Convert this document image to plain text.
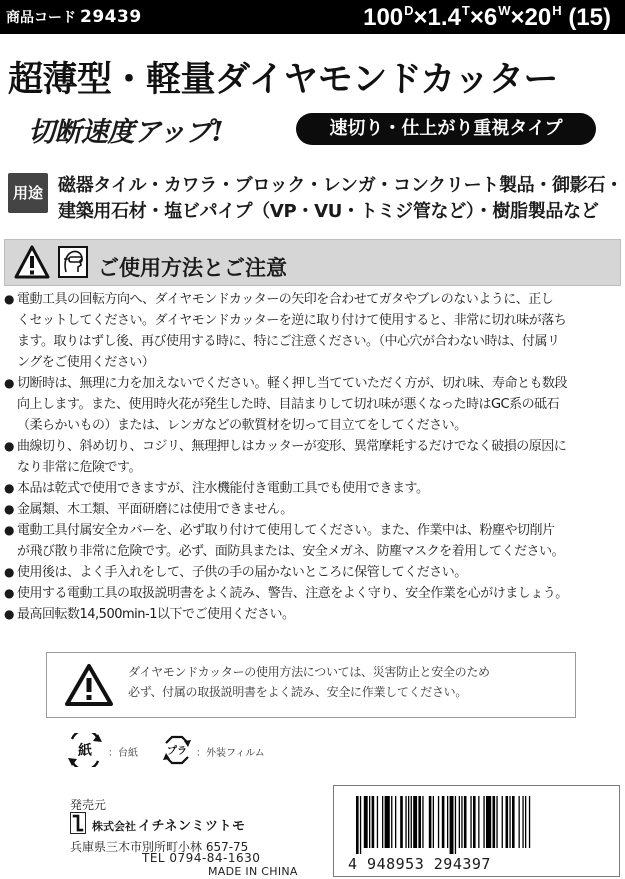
商品コード 29439	$100^D\times 1.4^T\times 6^W\times 20^H$ (15)
超薄型・軽量ダイヤモンドカッター
切断速度アップ!	速切り・仕上がり重視タイプ
用途 磁器タイル・カワラ・ブロック・レンガ・コンクリート製品・御影石・
建築用石材・塩ビパイプ（VP・VU・トミジ管など）・樹脂製品など
ご使用方法とご注意
● 電動工具の回転方向へ、ダイヤモンドカッターの矢印を合わせてガタやブレのないように、正し
くセットしてください。ダイヤモンドカッターを逆に取り付けて使用すると、非常に切れ味が落ち
ます。取りはずし後、再び使用する時に、特にご注意ください。（中心穴が合わない時は、付属リ
ングをご使用ください）
● 切断時は、無理に力を加えないでください。軽く押し当てていただく方が、切れ味、寿命とも数段
向上します。また、使用時火花が発生した時、目詰まりして切れ味が悪くなった時はGC系の砥石
（柔らかいもの）または、レンガなどの軟質材を切って目立てをしてください。
● 曲線切り、斜め切り、コジリ、無理押しはカッターが変形、異常摩耗するだけでなく破損の原因に
なり非常に危険です。
● 本品は乾式で使用できますが、注水機能付き電動工具でも使用できます。
● 金属類、木工類、平面研磨には使用できません。
● 電動工具付属安全カバーを、必ず取り付けて使用してください。また、作業中は、粉塵や切削片
が飛び散り非常に危険です。必ず、面防具または、安全メガネ、防塵マスクを着用してください。
● 使用後は、よく手入れをして、子供の手の届かないところに保管してください。
● 使用する電動工具の取扱説明書をよく読み、警告、注意をよく守り、安全作業を心がけましょう。
● 最高回転数14,500min-1以下でご使用ください。
ダイヤモンドカッターの使用方法については、災害防止と安全のため
必ず、付属の取扱説明書をよく読み、安全に作業してください。
紙 ：台紙	プラ ：外装フィルム
発売元
株式会社 イチネンミツトモ
兵庫県三木市別所町小林 657-75
TEL 0794-84-1630
MADE IN CHINA	4 948953 294397
